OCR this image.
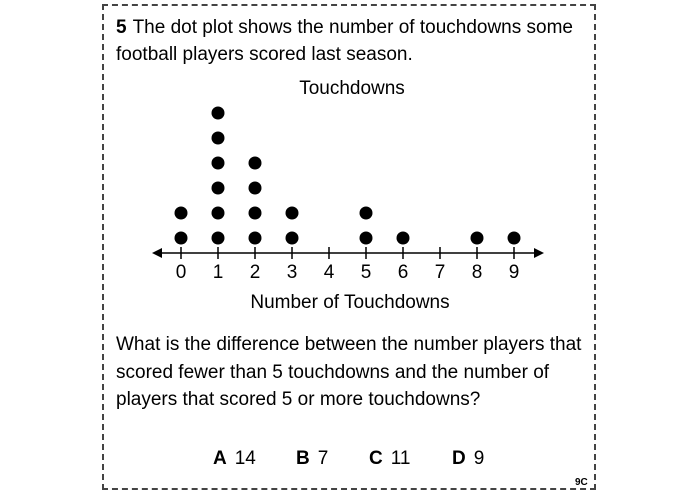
5 The dot plot shows the number of touchdowns some football players scored last season.
Touchdowns
0 1 2 3 4 5 6 7 8 9
Number of Touchdowns
What is the difference between the number players that scored fewer than 5 touchdowns and the number of players that scored 5 or more touchdowns?
A 14 B 7 C 11 D 9
9C
